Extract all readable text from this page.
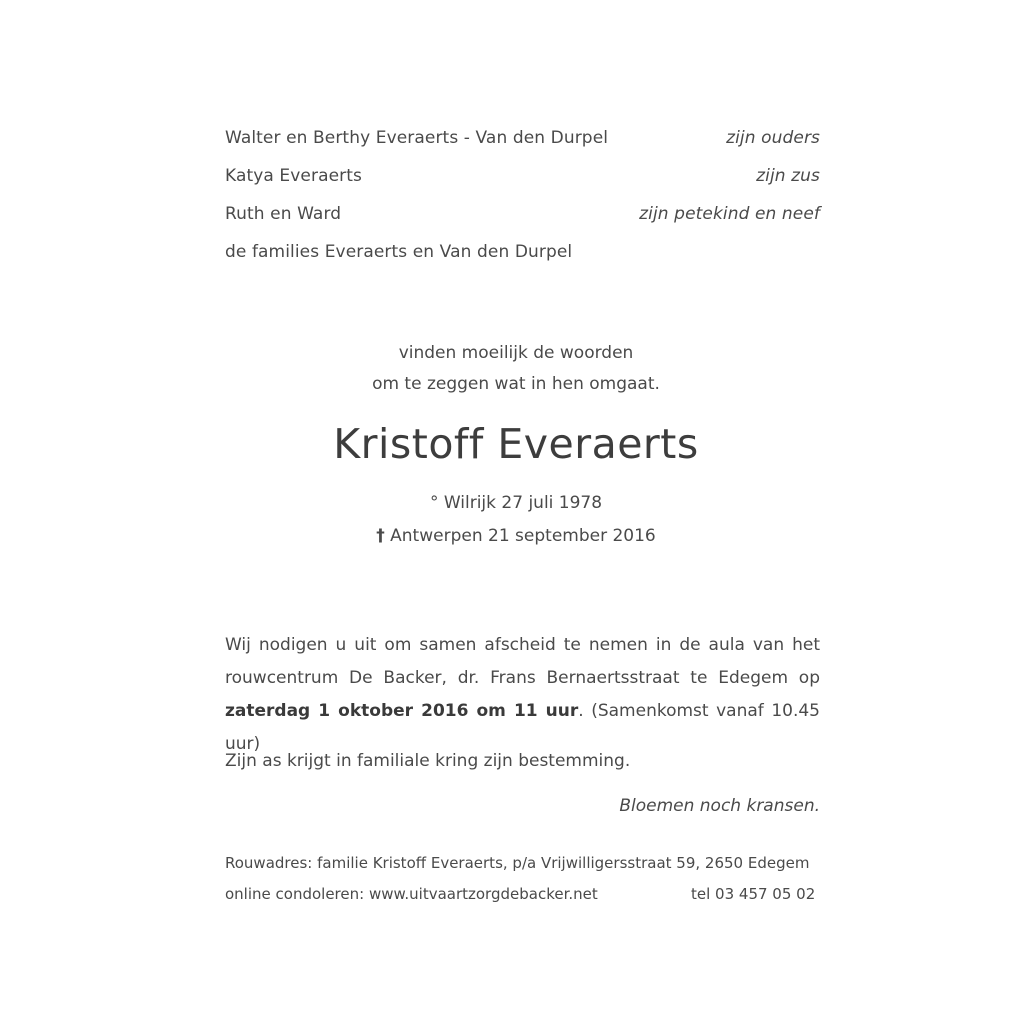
Walter en Berthy Everaerts - Van den Durpel	zijn ouders
Katya Everaerts	zijn zus
Ruth en Ward	zijn petekind en neef
de families Everaerts en Van den Durpel
vinden moeilijk de woorden
om te zeggen wat in hen omgaat.
Kristoff Everaerts
° Wilrijk 27 juli 1978
† Antwerpen 21 september 2016

Wij nodigen u uit om samen afscheid te nemen in de aula van het rouwcentrum De Backer, dr. Frans Bernaertsstraat te Edegem op zaterdag 1 oktober 2016 om 11 uur. (Samenkomst vanaf 10.45 uur)

Zijn as krijgt in familiale kring zijn bestemming.
Bloemen noch kransen.
Rouwadres: familie Kristoff Everaerts, p/a Vrijwilligersstraat 59, 2650 Edegem
online condoleren: www.uitvaartzorgdebacker.net	tel 03 457 05 02
